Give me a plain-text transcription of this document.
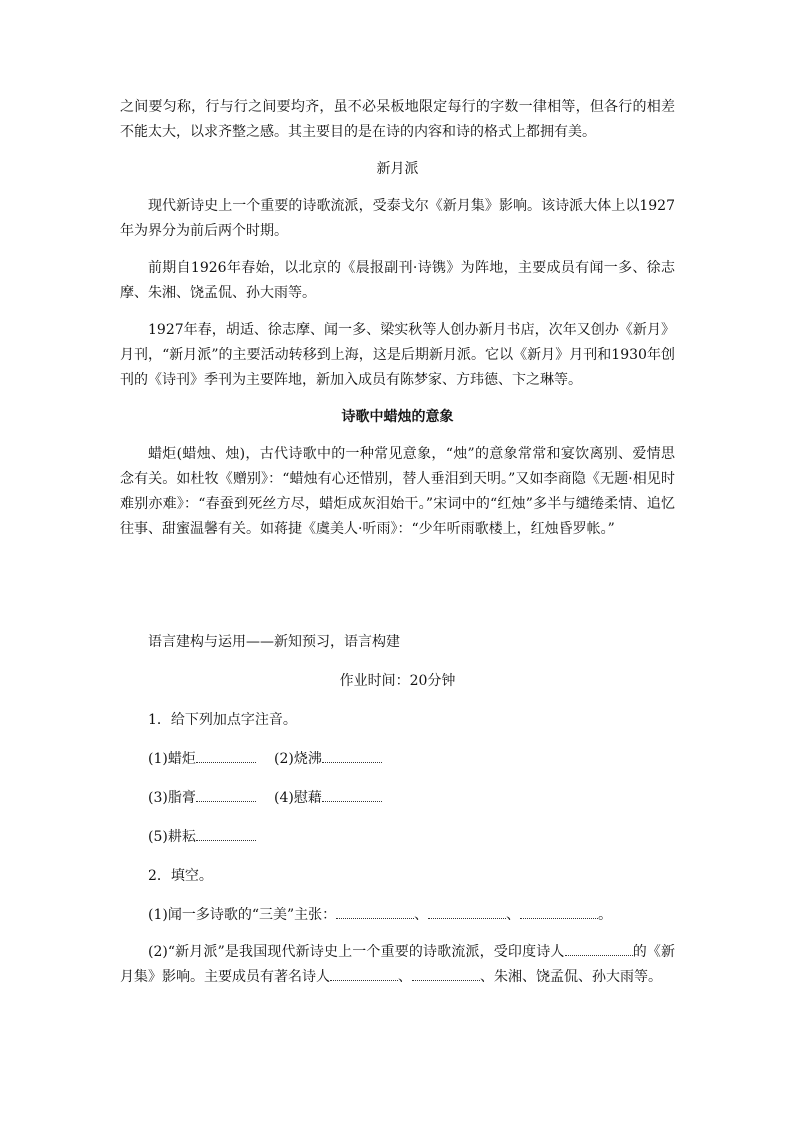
之间要匀称，行与行之间要均齐，虽不必呆板地限定每行的字数一律相等，但各行的相差不能太大，以求齐整之感。其主要目的是在诗的内容和诗的格式上都拥有美。

新月派

现代新诗史上一个重要的诗歌流派，受泰戈尔《新月集》影响。该诗派大体上以1927年为界分为前后两个时期。

前期自1926年春始，以北京的《晨报副刊·诗镌》为阵地，主要成员有闻一多、徐志摩、朱湘、饶孟侃、孙大雨等。

1927年春，胡适、徐志摩、闻一多、梁实秋等人创办新月书店，次年又创办《新月》月刊，“新月派”的主要活动转移到上海，这是后期新月派。它以《新月》月刊和1930年创刊的《诗刊》季刊为主要阵地，新加入成员有陈梦家、方玮德、卞之琳等。

诗歌中蜡烛的意象

蜡炬(蜡烛、烛)，古代诗歌中的一种常见意象，“烛”的意象常常和宴饮离别、爱情思念有关。如杜牧《赠别》：“蜡烛有心还惜别，替人垂泪到天明。”又如李商隐《无题·相见时难别亦难》：“春蚕到死丝方尽，蜡炬成灰泪始干。”宋词中的“红烛”多半与缱绻柔情、追忆往事、甜蜜温馨有关。如蒋捷《虞美人·听雨》：“少年听雨歌楼上，红烛昏罗帐。”

语言建构与运用——新知预习，语言构建
作业时间：20分钟
1．给下列加点字注音。
(1)蜡炬	(2)烧沸
(3)脂膏	(4)慰藉
(5)耕耘
2．填空。

(1)闻一多诗歌的“三美”主张：	、	、	。

(2)“新月派”是我国现代新诗史上一个重要的诗歌流派，受印度诗人	的《新月集》影响。主要成员有著名诗人	、	、朱湘、饶孟侃、孙大雨等。
